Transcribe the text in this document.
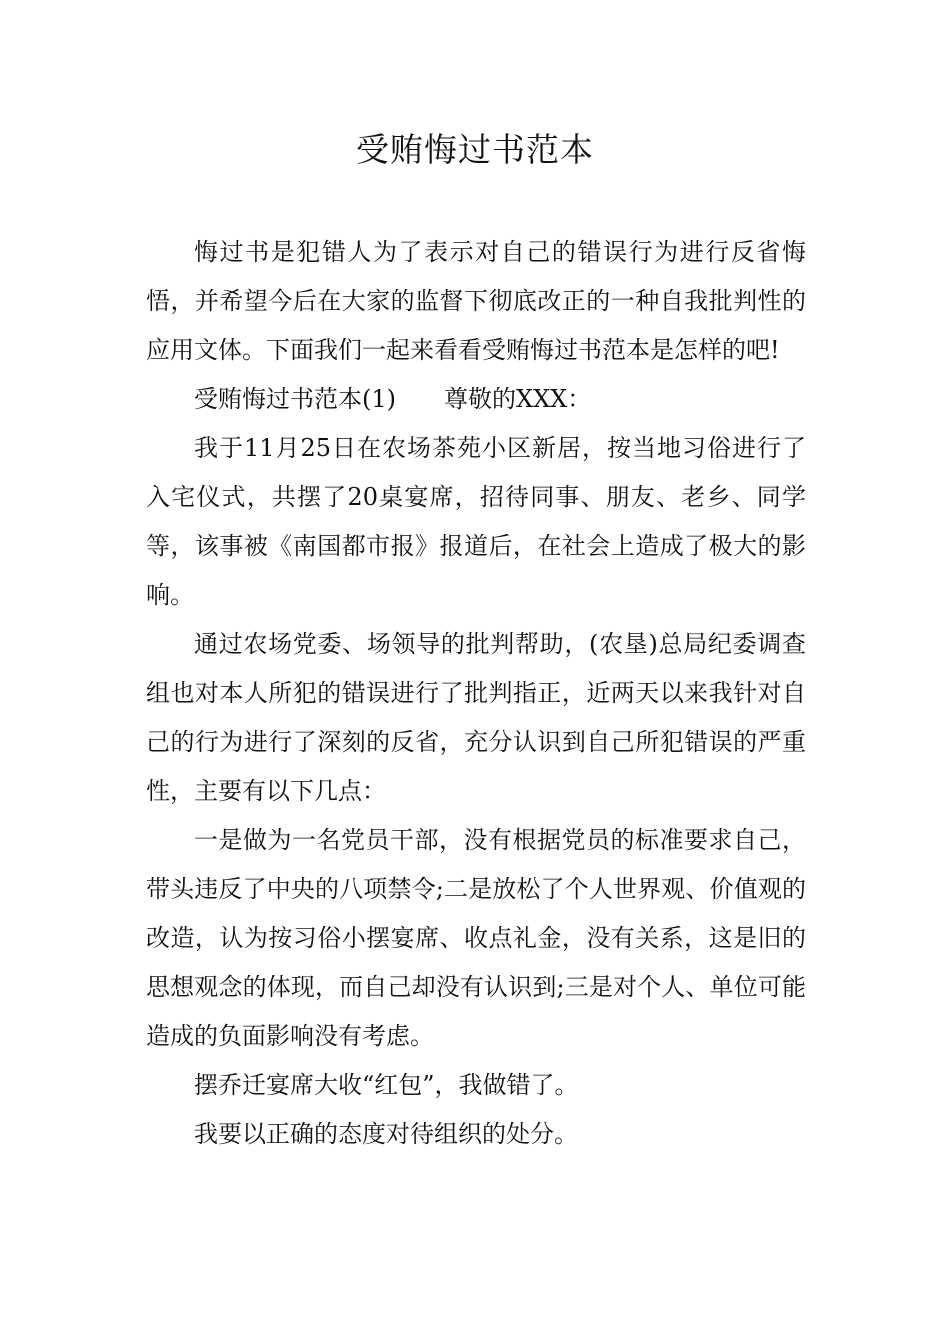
受贿悔过书范本

悔过书是犯错人为了表示对自己的错误行为进行反省悔悟，并希望今后在大家的监督下彻底改正的一种自我批判性的应用文体。下面我们一起来看看受贿悔过书范本是怎样的吧!

受贿悔过书范本(1)　　尊敬的XXX：

我于11月25日在农场茶苑小区新居，按当地习俗进行了入宅仪式，共摆了20桌宴席，招待同事、朋友、老乡、同学等，该事被《南国都市报》报道后，在社会上造成了极大的影响。

通过农场党委、场领导的批判帮助，(农垦)总局纪委调查组也对本人所犯的错误进行了批判指正，近两天以来我针对自己的行为进行了深刻的反省，充分认识到自己所犯错误的严重性，主要有以下几点：

一是做为一名党员干部，没有根据党员的标准要求自己，带头违反了中央的八项禁令;二是放松了个人世界观、价值观的改造，认为按习俗小摆宴席、收点礼金，没有关系，这是旧的思想观念的体现，而自己却没有认识到;三是对个人、单位可能造成的负面影响没有考虑。

摆乔迁宴席大收“红包”，我做错了。

我要以正确的态度对待组织的处分。
